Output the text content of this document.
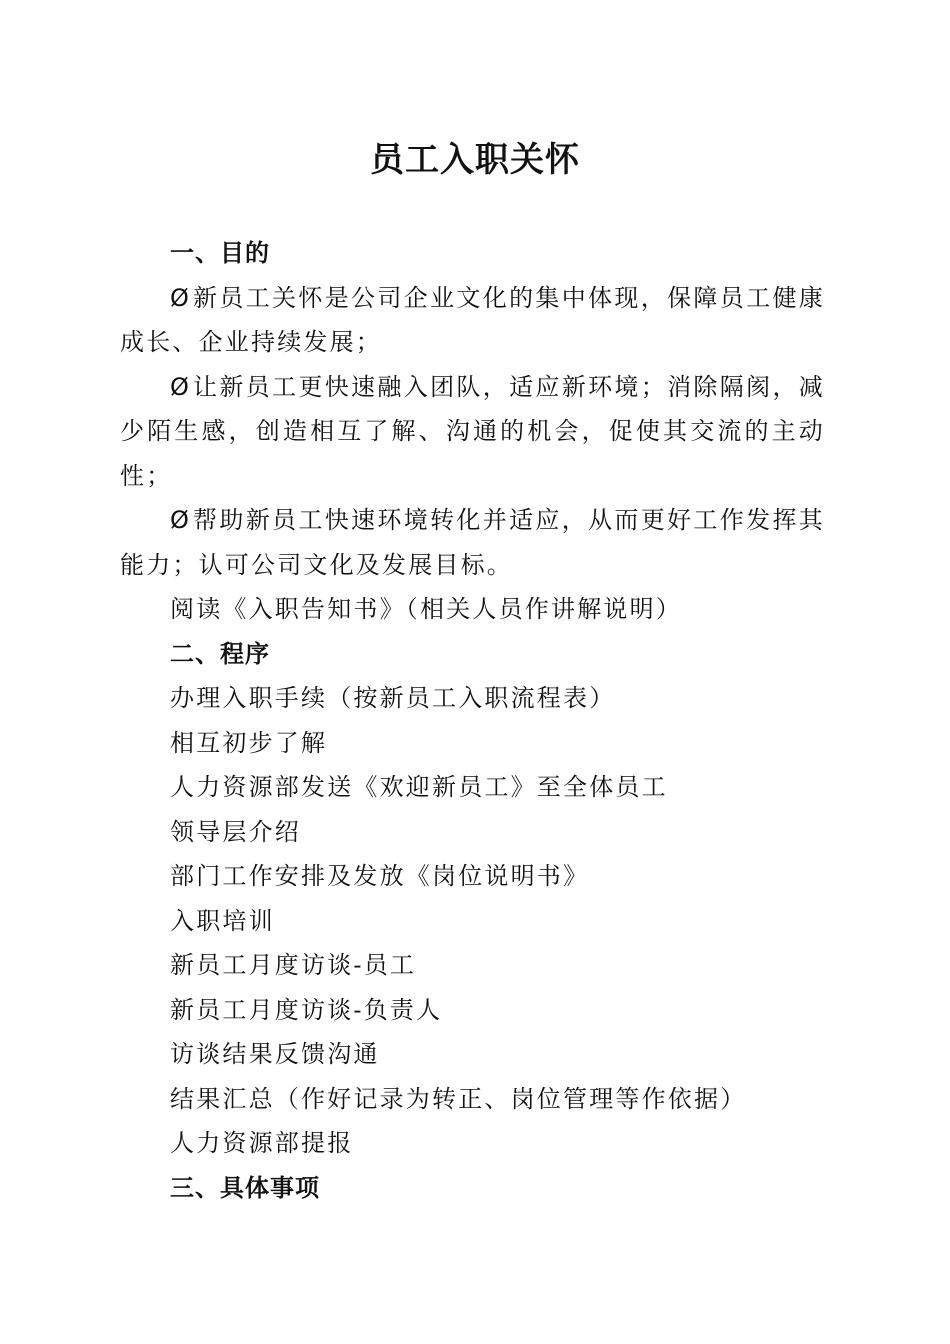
员工入职关怀
一、目的
Ø 新员工关怀是公司企业文化的集中体现，保障员工健康成长、企业持续发展；
Ø 让新员工更快速融入团队，适应新环境；消除隔阂，减少陌生感，创造相互了解、沟通的机会，促使其交流的主动性；
Ø 帮助新员工快速环境转化并适应，从而更好工作发挥其能力；认可公司文化及发展目标。
阅读《入职告知书》（相关人员作讲解说明）
二、程序
办理入职手续（按新员工入职流程表）
相互初步了解
人力资源部发送《欢迎新员工》至全体员工
领导层介绍
部门工作安排及发放《岗位说明书》
入职培训
新员工月度访谈-员工
新员工月度访谈-负责人
访谈结果反馈沟通
结果汇总（作好记录为转正、岗位管理等作依据）
人力资源部提报
三、具体事项
